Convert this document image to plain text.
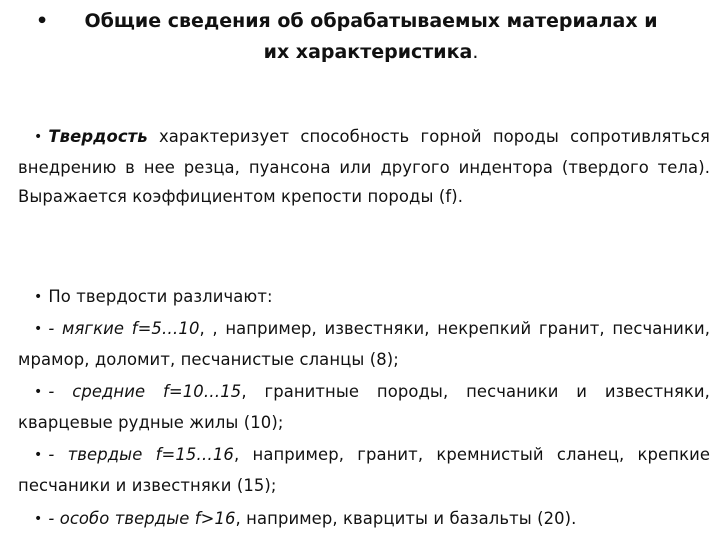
•	Общие сведения об обрабатываемых материалах и
их характеристика.
• Твердость характеризует способность горной породы сопротивляться внедрению в нее резца, пуансона или другого индентора (твердого тела). Выражается коэффициентом крепости породы (f).
• По твердости различают:
• - мягкие f=5…10, , например, известняки, некрепкий гранит, песчаники, мрамор, доломит, песчанистые сланцы (8);
• - средние f=10…15, гранитные породы, песчаники и известняки, кварцевые рудные жилы (10);
• - твердые f=15…16, например, гранит, кремнистый сланец, крепкие песчаники и известняки (15);
• - особо твердые f>16, например, кварциты и базальты (20).
